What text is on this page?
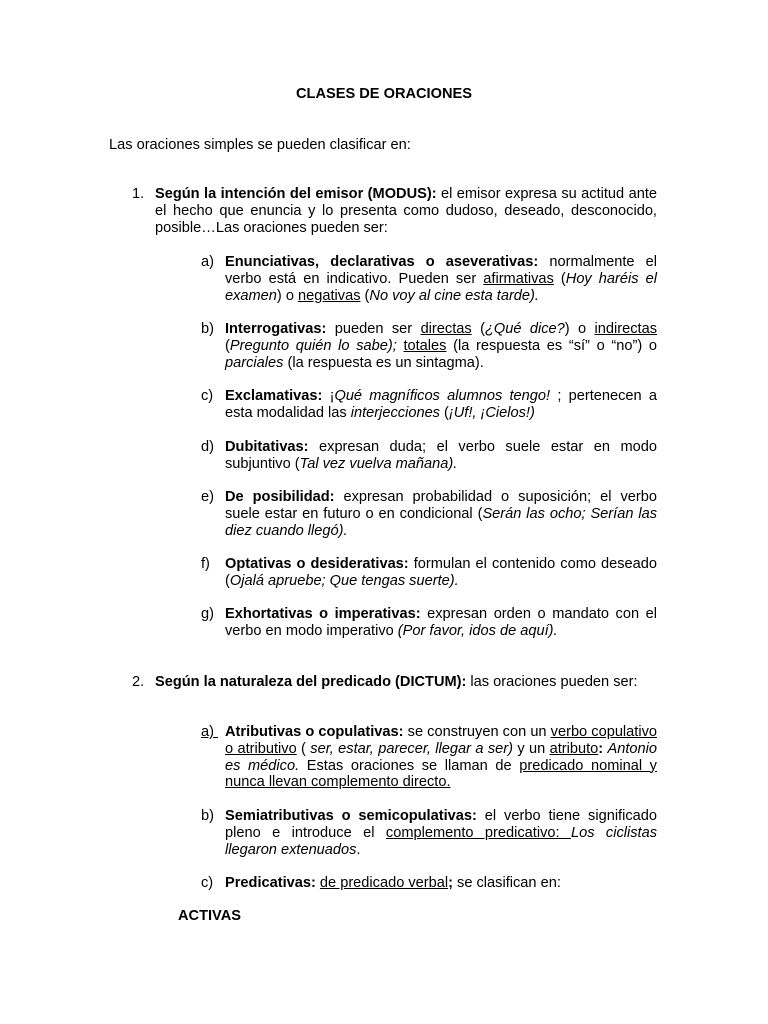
CLASES DE ORACIONES
Las oraciones simples se pueden clasificar en:
1. Según la intención del emisor (MODUS): el emisor expresa su actitud ante el hecho que enuncia y lo presenta como dudoso, deseado, desconocido, posible…Las oraciones pueden ser:
a) Enunciativas, declarativas o aseverativas: normalmente el verbo está en indicativo. Pueden ser afirmativas (Hoy haréis el examen) o negativas (No voy al cine esta tarde).
b) Interrogativas: pueden ser directas (¿Qué dice?) o indirectas (Pregunto quién lo sabe); totales (la respuesta es “sí” o “no”) o parciales (la respuesta es un sintagma).
c) Exclamativas: ¡Qué magníficos alumnos tengo! ; pertenecen a esta modalidad las interjecciones (¡Uf!, ¡Cielos!)
d) Dubitativas: expresan duda; el verbo suele estar en modo subjuntivo (Tal vez vuelva mañana).
e) De posibilidad: expresan probabilidad o suposición; el verbo suele estar en futuro o en condicional (Serán las ocho; Serían las diez cuando llegó).
f) Optativas o desiderativas: formulan el contenido como deseado (Ojalá apruebe; Que tengas suerte).
g) Exhortativas o imperativas: expresan orden o mandato con el verbo en modo imperativo (Por favor, idos de aquí).
2. Según la naturaleza del predicado (DICTUM): las oraciones pueden ser:
a) Atributivas o copulativas: se construyen con un verbo copulativo o atributivo ( ser, estar, parecer, llegar a ser) y un atributo: Antonio es médico. Estas oraciones se llaman de predicado nominal y nunca llevan complemento directo.
b) Semiatributivas o semicopulativas: el verbo tiene significado pleno e introduce el complemento predicativo: Los ciclistas llegaron extenuados.
c) Predicativas: de predicado verbal; se clasifican en:
ACTIVAS
